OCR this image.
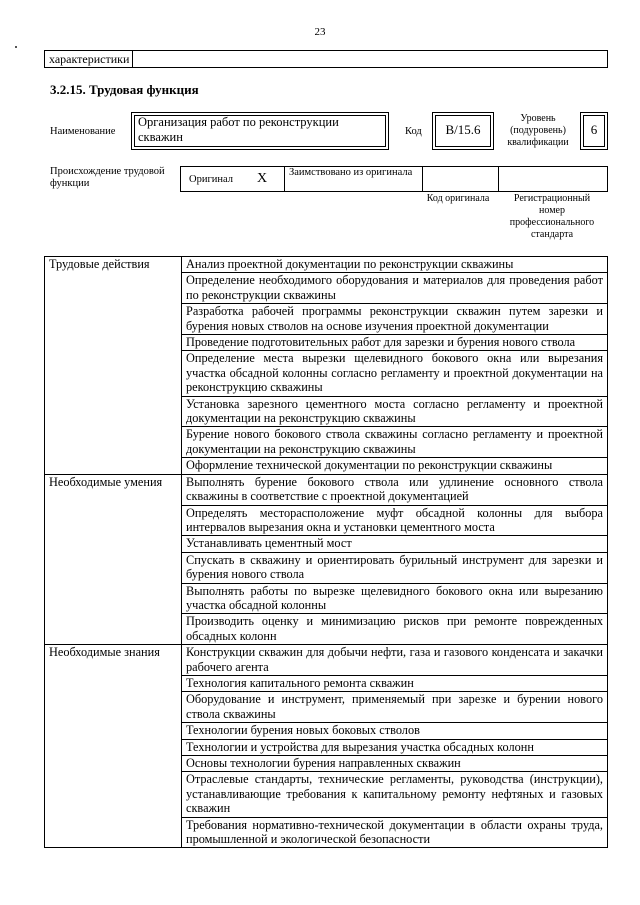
23
характеристики
3.2.15. Трудовая функция
Наименование
Организация работ по реконструкции скважин	Код	B/15.6
Уровень (подуровень) квалификации
6
Происхождение трудовой функции	Оригинал	X	Заимствовано из оригинала
Код оригинала	Регистрационный номер профессионального стандарта
Трудовые действия	Анализ проектной документации по реконструкции скважины
	Определение необходимого оборудования и материалов для проведения работ по реконструкции скважины
	Разработка рабочей программы реконструкции скважин путем зарезки и бурения новых стволов на основе изучения проектной документации
	Проведение подготовительных работ для зарезки и бурения нового ствола
	Определение места вырезки щелевидного бокового окна или вырезания участка обсадной колонны согласно регламенту и проектной документации на реконструкцию скважины
	Установка зарезного цементного моста согласно регламенту и проектной документации на реконструкцию скважины
	Бурение нового бокового ствола скважины согласно регламенту и проектной документации на реконструкцию скважины
	Оформление технической документации по реконструкции скважины
Необходимые умения	Выполнять бурение бокового ствола или удлинение основного ствола скважины в соответствие с проектной документацией
	Определять месторасположение муфт обсадной колонны для выбора интервалов вырезания окна и установки цементного моста
	Устанавливать цементный мост
	Спускать в скважину и ориентировать бурильный инструмент для зарезки и бурения нового ствола
	Выполнять работы по вырезке щелевидного бокового окна или вырезанию участка обсадной колонны
	Производить оценку и минимизацию рисков при ремонте поврежденных обсадных колонн
Необходимые знания	Конструкции скважин для добычи нефти, газа и газового конденсата и закачки рабочего агента
	Технология капитального ремонта скважин
	Оборудование и инструмент, применяемый при зарезке и бурении нового ствола скважины
	Технологии бурения новых боковых стволов
	Технологии и устройства для вырезания участка обсадных колонн
	Основы технологии бурения направленных скважин
	Отраслевые стандарты, технические регламенты, руководства (инструкции), устанавливающие требования к капитальному ремонту нефтяных и газовых скважин
	Требования нормативно-технической документации в области охраны труда, промышленной и экологической безопасности
